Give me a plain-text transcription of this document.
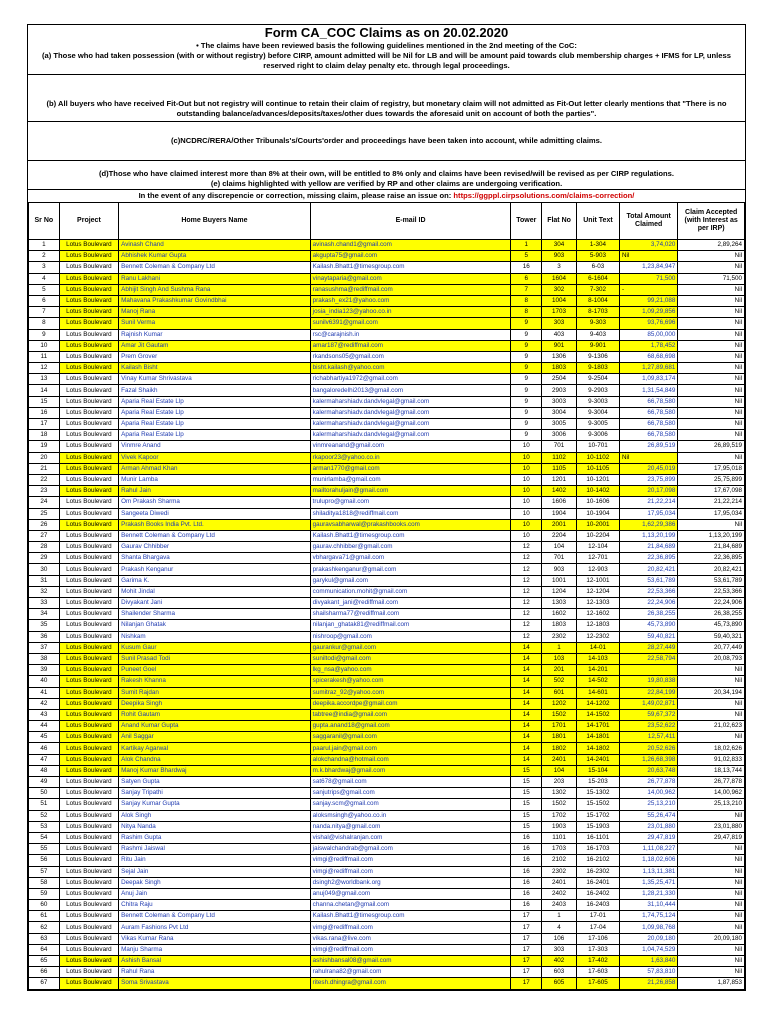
Form CA_COC Claims as on 20.02.2020
• The claims have been reviewed basis the following guidelines mentioned in the 2nd meeting of the CoC:
(a) Those who had taken possession (with or without registry) before CIRP, amount admitted will be Nil for LB and will be amount paid towards club membership charges + IFMS for LP, unless reserved right to claim delay penalty etc. through legal proceedings.
(b) All buyers who have received Fit-Out but not registry will continue to retain their claim of registry, but monetary claim will not admitted as Fit-Out letter clearly mentions that "There is no outstanding balance/advances/deposits/taxes/other dues towards the aforesaid unit on account of both the parties".
(c)NCDRC/RERA/Other Tribunals's/Courts'order and proceedings have been taken into account, while admitting claims.
(d)Those who have claimed interest more than 8% at their own, will be entitled to 8% only and claims have been revised/will be revised as per CIRP regulations.
(e) claims highlighted with yellow are verified by RP and other claims are undergoing verification.
In the event of any discrepencie or correction, missing claim, please raise an issue on: https://ggppl.cirpsolutions.com/claims-correction/
Sr No	Project	Home Buyers Name	E-mail ID	Tower	Flat No	Unit Text	Total Amount Claimed	Claim Accepted (with Interest as per IRP)
1	Lotus Boulevard	Avinash Chand	avinash.chand1@gmail.com	1	304	1-304	3,74,020	2,89,264
2	Lotus Boulevard	Abhishek Kumar Gupta	akgupta75@gmail.com	5	903	5-903	Nil	Nil
3	Lotus Boulevard	Bennett Coleman & Company Ltd	Kailash.Bhatt1@timesgroup.com	16	3	6-03	1,23,84,947	Nil
4	Lotus Boulevard	Ranu Lakhani	vinaytaparia@gmail.com	6	1604	6-1604	71,500	71,500
5	Lotus Boulevard	Abhijit Singh And Sushma Rana	ranasushma@rediffmail.com	7	302	7-302	-	Nil
6	Lotus Boulevard	Mahavana Prakashkumar Govindbhai	prakash_ex21@yahoo.com	8	1004	8-1004	99,21,088	Nil
7	Lotus Boulevard	Manoj Rana	josia_india123@yahoo.co.in	8	1703	8-1703	1,09,29,856	Nil
8	Lotus Boulevard	Sunil Verma	sunilv6391@gmail.com	9	303	9-303	93,76,696	Nil
9	Lotus Boulevard	Rajnish Kumar	rsc@carajnish.in	9	403	9-403	85,00,000	Nil
10	Lotus Boulevard	Amar Jit Gautam	amar187@rediffmail.com	9	901	9-901	1,78,452	Nil
11	Lotus Boulevard	Prem Grover	rkandsons05@gmail.com	9	1306	9-1306	68,68,698	Nil
12	Lotus Boulevard	Kailash Bisht	bisht.kailash@yahoo.com	9	1803	9-1803	1,27,89,681	Nil
13	Lotus Boulevard	Vinay Kumar Shrivastava	richabhartiya1972@gmail.com	9	2504	9-2504	1,09,83,174	Nil
14	Lotus Boulevard	Fazal Shaikh	bangaloredelhi2013@gmail.com	9	2903	9-2903	1,31,54,849	Nil
15	Lotus Boulevard	Aparia Real Estate Llp	kalermaharshiadv.dandvlegal@gmail.com	9	3003	9-3003	66,78,580	Nil
16	Lotus Boulevard	Aparia Real Estate Llp	kalermaharshiadv.dandvlegal@gmail.com	9	3004	9-3004	66,78,580	Nil
17	Lotus Boulevard	Aparia Real Estate Llp	kalermaharshiadv.dandvlegal@gmail.com	9	3005	9-3005	66,78,580	Nil
18	Lotus Boulevard	Aparia Real Estate Llp	kalermaharshiadv.dandvlegal@gmail.com	9	3006	9-3006	66,78,580	Nil
19	Lotus Boulevard	Vinmre Anand	vinmreanand@gmail.com	10	701	10-701	26,89,519	26,89,519
20	Lotus Boulevard	Vivek Kapoor	rkapoor23@yahoo.co.in	10	1102	10-1102	Nil	Nil
21	Lotus Boulevard	Arman Ahmad Khan	arman1770@gmail.com	10	1105	10-1105	20,45,019	17,95,018
22	Lotus Boulevard	Munir Lamba	munirlamba@gmail.com	10	1201	10-1201	23,75,899	25,75,899
23	Lotus Boulevard	Rahul Jain	mailtorahuljain@gmail.com	10	1402	10-1402	20,17,098	17,67,098
24	Lotus Boulevard	Om Prakash Sharma	trulupro@gmail.com	10	1606	10-1606	21,22,214	21,22,214
25	Lotus Boulevard	Sangeeta Diwedi	shiladitya1818@rediffmail.com	10	1904	10-1904	17,95,034	17,95,034
26	Lotus Boulevard	Prakash Books India Pvt. Ltd.	gauravsabharwal@prakashbooks.com	10	2001	10-2001	1,62,29,386	Nil
27	Lotus Boulevard	Bennett Coleman & Company Ltd	Kailash.Bhatt1@timesgroup.com	10	2204	10-2204	1,13,20,199	1,13,20,199
28	Lotus Boulevard	Gaurav Chhibber	gaurav.chhibber@gmail.com	12	104	12-104	21,84,689	21,84,689
29	Lotus Boulevard	Shanta Bhargava	vbhargava71@gmail.com	12	701	12-701	22,36,895	22,36,895
30	Lotus Boulevard	Prakash Kenganur	prakashkenganur@gmail.com	12	903	12-903	20,82,421	20,82,421
31	Lotus Boulevard	Garima K.	garykul@gmail.com	12	1001	12-1001	53,61,789	53,61,789
32	Lotus Boulevard	Mohit Jindal	communication.mohit@gmail.com	12	1204	12-1204	22,53,366	22,53,366
33	Lotus Boulevard	Divyakant Jani	divyakant_jani@rediffmail.com	12	1303	12-1303	22,24,906	22,24,906
34	Lotus Boulevard	Shailender Sharma	shailsharma77@rediffmail.com	12	1602	12-1602	26,38,255	26,38,255
35	Lotus Boulevard	Nilanjan Ghatak	nilanjan_ghatak81@rediffmail.com	12	1803	12-1803	45,73,890	45,73,890
36	Lotus Boulevard	Nishkam	nishroop@gmail.com	12	2302	12-2302	59,40,821	59,40,321
37	Lotus Boulevard	Kusum Gaur	gaurankur@gmail.com	14	1	14-01	28,27,449	20,77,449
38	Lotus Boulevard	Sunil Prasad Todi	suniltodi@gmail.com	14	103	14-103	22,58,794	20,08,793
39	Lotus Boulevard	Puneet Goel	lkg_nsa@yahoo.com	14	201	14-201		Nil
40	Lotus Boulevard	Rakesh Khanna	spicerakesh@yahoo.com	14	502	14-502	19,80,838	Nil
41	Lotus Boulevard	Sumit Rajdan	sumitraz_92@yahoo.com	14	601	14-601	22,84,199	20,34,194
42	Lotus Boulevard	Deepika Singh	deepika.accordpe@gmail.com	14	1202	14-1202	1,49,02,871	Nil
43	Lotus Boulevard	Rohit Gautam	tabtree@india@gmail.com	14	1502	14-1502	59,67,372	Nil
44	Lotus Boulevard	Anand Kumar Gupta	gupta.anand18@gmail.com	14	1701	14-1701	23,52,622	21,02,623
45	Lotus Boulevard	Anil Saggar	saggaranil@gmail.com	14	1801	14-1801	12,57,411	Nil
46	Lotus Boulevard	Kartikay Agarwal	paarul.jain@gmail.com	14	1802	14-1802	20,52,626	18,02,626
47	Lotus Boulevard	Alok Chandna	alokchandna@hotmail.com	14	2401	14-2401	1,26,68,398	91,02,833
48	Lotus Boulevard	Manoj Kumar Bhardwaj	m.k.bhardwaj@gmail.com	15	104	15-104	20,63,748	18,13,744
49	Lotus Boulevard	Satyen Gupta	sat678@gmail.com	15	203	15-203	26,77,878	26,77,878
50	Lotus Boulevard	Sanjay Tripathi	sanjutrips@gmail.com	15	1302	15-1302	14,00,962	14,00,962
51	Lotus Boulevard	Sanjay Kumar Gupta	sanjay.scm@gmail.com	15	1502	15-1502	25,13,210	25,13,210
52	Lotus Boulevard	Alok Singh	aloksmsingh@yahoo.co.in	15	1702	15-1702	55,26,474	Nil
53	Lotus Boulevard	Nitya Nanda	nanda.nitya@gmail.com	15	1903	15-1903	23,01,880	23,01,880
54	Lotus Boulevard	Rashim Gupta	vishal@vishalranjan.com	16	1101	16-1101	29,47,819	29,47,819
55	Lotus Boulevard	Rashmi Jaiswal	jaiswalchandrab@gmail.com	16	1703	16-1703	1,11,08,227	Nil
56	Lotus Boulevard	Ritu Jain	vimgi@rediffmail.com	16	2102	16-2102	1,18,02,606	Nil
57	Lotus Boulevard	Sejal Jain	vimgi@rediffmail.com	16	2302	16-2302	1,13,11,381	Nil
58	Lotus Boulevard	Deepak Singh	dsingh2@worldbank.org	16	2401	16-2401	1,35,25,471	Nil
59	Lotus Boulevard	Anuj Jain	anuj049@gmail.com	16	2402	16-2402	1,28,21,330	Nil
60	Lotus Boulevard	Chitra Raju	channa.chetan@gmail.com	16	2403	16-2403	31,10,444	Nil
61	Lotus Boulevard	Bennett Coleman & Company Ltd	Kailash.Bhatt1@timesgroup.com	17	1	17-01	1,74,75,124	Nil
62	Lotus Boulevard	Auram Fashions Pvt Ltd	vimgi@rediffmail.com	17	4	17-04	1,09,98,768	Nil
63	Lotus Boulevard	Vikas Kumar Rana	vikas.rana@live.com	17	106	17-106	20,09,180	20,09,180
64	Lotus Boulevard	Manju Sharma	vimgi@rediffmail.com	17	303	17-303	1,04,74,529	Nil
65	Lotus Boulevard	Ashish Bansal	ashishbansal08@gmail.com	17	402	17-402	1,63,840	Nil
66	Lotus Boulevard	Rahul Rana	rahulrana82@gmail.com	17	603	17-603	57,83,810	Nil
67	Lotus Boulevard	Soma Srivastava	ritesh.dhingra@gmail.com	17	605	17-605	21,26,858	1,87,853
